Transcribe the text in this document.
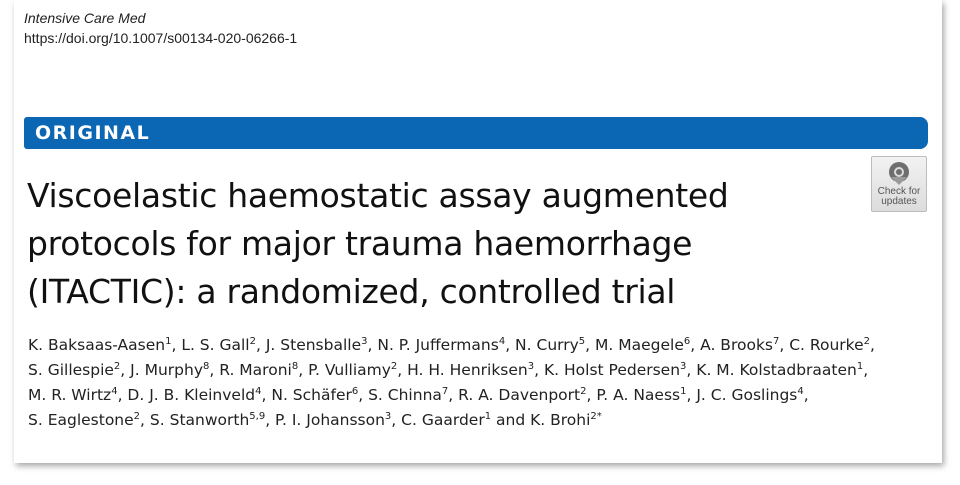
Intensive Care Med
https://doi.org/10.1007/s00134-020-06266-1
ORIGINAL
Check for
updates
Viscoelastic haemostatic assay augmented
protocols for major trauma haemorrhage
(ITACTIC): a randomized, controlled trial

K. Baksaas-Aasen$^1$, L. S. Gall$^2$, J. Stensballe$^3$, N. P. Juffermans$^4$, N. Curry$^5$, M. Maegele$^6$, A. Brooks$^7$, C. Rourke$^2$,
S. Gillespie$^2$, J. Murphy$^8$, R. Maroni$^8$, P. Vulliamy$^2$, H. H. Henriksen$^3$, K. Holst Pedersen$^3$, K. M. Kolstadbraaten$^1$,
M. R. Wirtz$^4$, D. J. B. Kleinveld$^4$, N. Schäfer$^6$, S. Chinna$^7$, R. A. Davenport$^2$, P. A. Naess$^1$, J. C. Goslings$^4$,
S. Eaglestone$^2$, S. Stanworth$^{5,9}$, P. I. Johansson$^3$, C. Gaarder$^1$ and K. Brohi$^{2*}$
